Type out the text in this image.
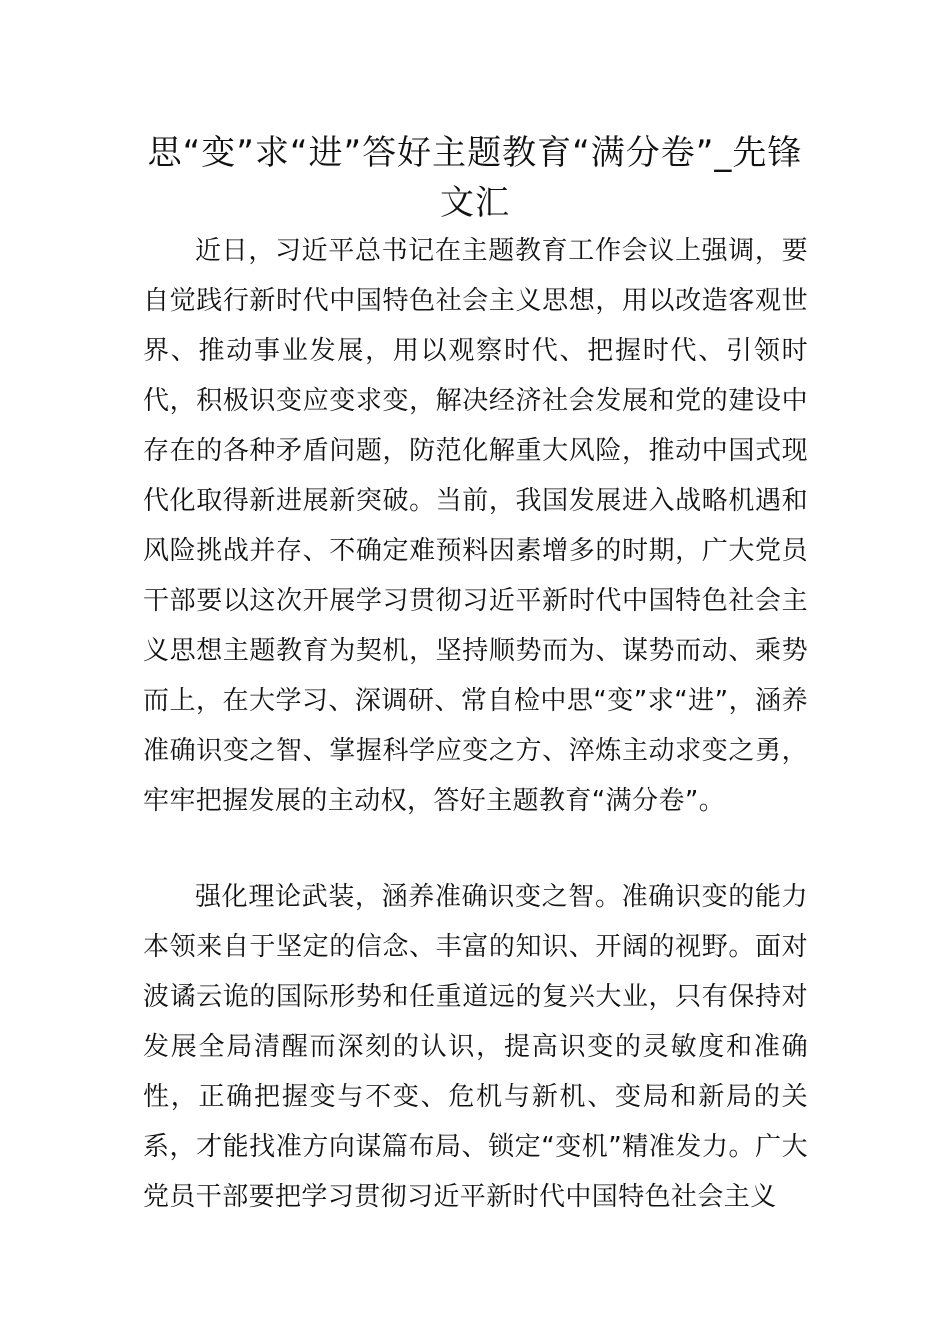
思“变”求“进”答好主题教育“满分卷”_先锋文汇

近日，习近平总书记在主题教育工作会议上强调，要自觉践行新时代中国特色社会主义思想，用以改造客观世界、推动事业发展，用以观察时代、把握时代、引领时代，积极识变应变求变，解决经济社会发展和党的建设中存在的各种矛盾问题，防范化解重大风险，推动中国式现代化取得新进展新突破。当前，我国发展进入战略机遇和风险挑战并存、不确定难预料因素增多的时期，广大党员干部要以这次开展学习贯彻习近平新时代中国特色社会主义思想主题教育为契机，坚持顺势而为、谋势而动、乘势而上，在大学习、深调研、常自检中思“变”求“进”，涵养准确识变之智、掌握科学应变之方、淬炼主动求变之勇，牢牢把握发展的主动权，答好主题教育“满分卷”。

强化理论武装，涵养准确识变之智。准确识变的能力本领来自于坚定的信念、丰富的知识、开阔的视野。面对波谲云诡的国际形势和任重道远的复兴大业，只有保持对发展全局清醒而深刻的认识，提高识变的灵敏度和准确性，正确把握变与不变、危机与新机、变局和新局的关系，才能找准方向谋篇布局、锁定“变机”精准发力。广大党员干部要把学习贯彻习近平新时代中国特色社会主义
